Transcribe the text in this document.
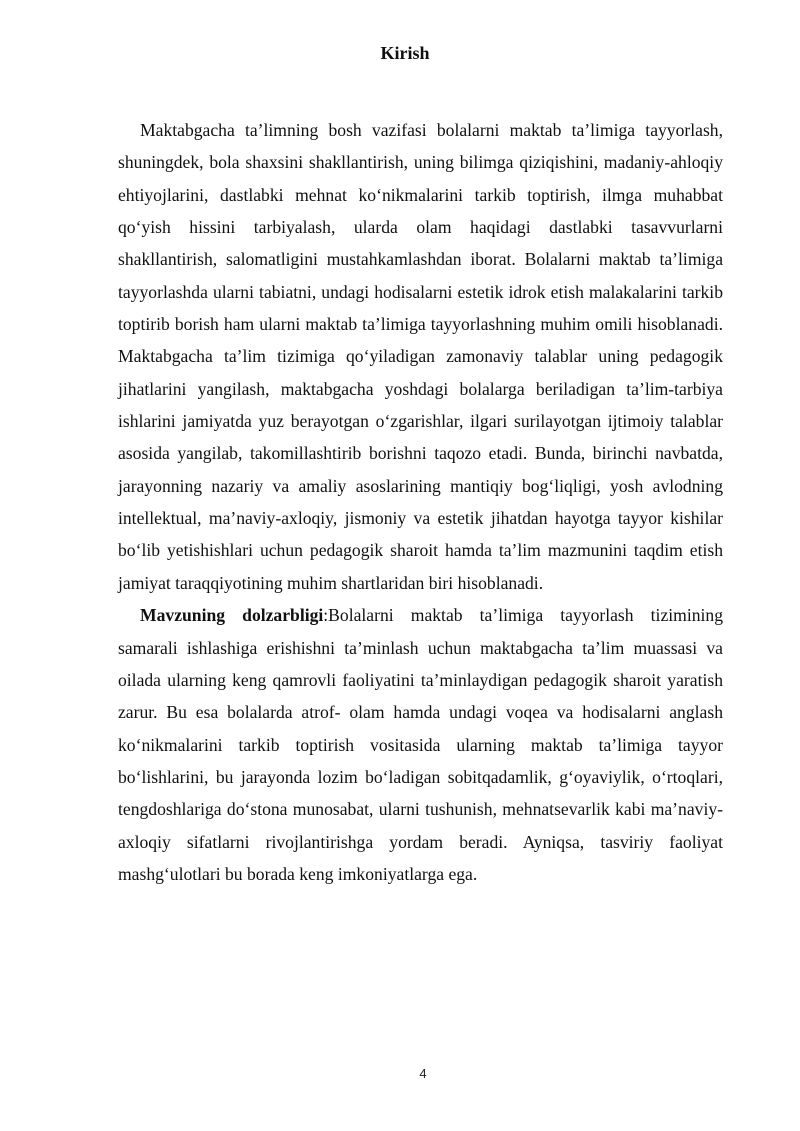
Kirish

Maktabgacha ta’limning bosh vazifasi bolalarni maktab ta’limiga tayyorlash, shuningdek, bola shaxsini shakllantirish, uning bilimga qiziqishini, madaniy-ahloqiy ehtiyojlarini, dastlabki mehnat ko‘nikmalarini tarkib toptirish, ilmga muhabbat qo‘yish hissini tarbiyalash, ularda olam haqidagi dastlabki tasavvurlarni shakllantirish, salomatligini mustahkamlashdan iborat. Bolalarni maktab ta’limiga tayyorlashda ularni tabiatni, undagi hodisalarni estetik idrok etish malakalarini tarkib toptirib borish ham ularni maktab ta’limiga tayyorlashning muhim omili hisoblanadi. Maktabgacha ta’lim tizimiga qo‘yiladigan zamonaviy talablar uning pedagogik jihatlarini yangilash, maktabgacha yoshdagi bolalarga beriladigan ta’lim-tarbiya ishlarini jamiyatda yuz berayotgan o‘zgarishlar, ilgari surilayotgan ijtimoiy talablar asosida yangilab, takomillashtirib borishni taqozo etadi. Bunda, birinchi navbatda, jarayonning nazariy va amaliy asoslarining mantiqiy bog‘liqligi, yosh avlodning intellektual, ma’naviy-axloqiy, jismoniy va estetik jihatdan hayotga tayyor kishilar bo‘lib yetishishlari uchun pedagogik sharoit hamda ta’lim mazmunini taqdim etish jamiyat taraqqiyotining muhim shartlaridan biri hisoblanadi.

Mavzuning dolzarbligi:Bolalarni maktab ta’limiga tayyorlash tizimining samarali ishlashiga erishishni ta’minlash uchun maktabgacha ta’lim muassasi va oilada ularning keng qamrovli faoliyatini ta’minlaydigan pedagogik sharoit yaratish zarur. Bu esa bolalarda atrof- olam hamda undagi voqea va hodisalarni anglash ko‘nikmalarini tarkib toptirish vositasida ularning maktab ta’limiga tayyor bo‘lishlarini, bu jarayonda lozim bo‘ladigan sobitqadamlik, g‘oyaviylik, o‘rtoqlari, tengdoshlariga do‘stona munosabat, ularni tushunish, mehnatsevarlik kabi ma’naviy-axloqiy sifatlarni rivojlantirishga yordam beradi. Ayniqsa, tasviriy faoliyat mashg‘ulotlari bu borada keng imkoniyatlarga ega.

4
